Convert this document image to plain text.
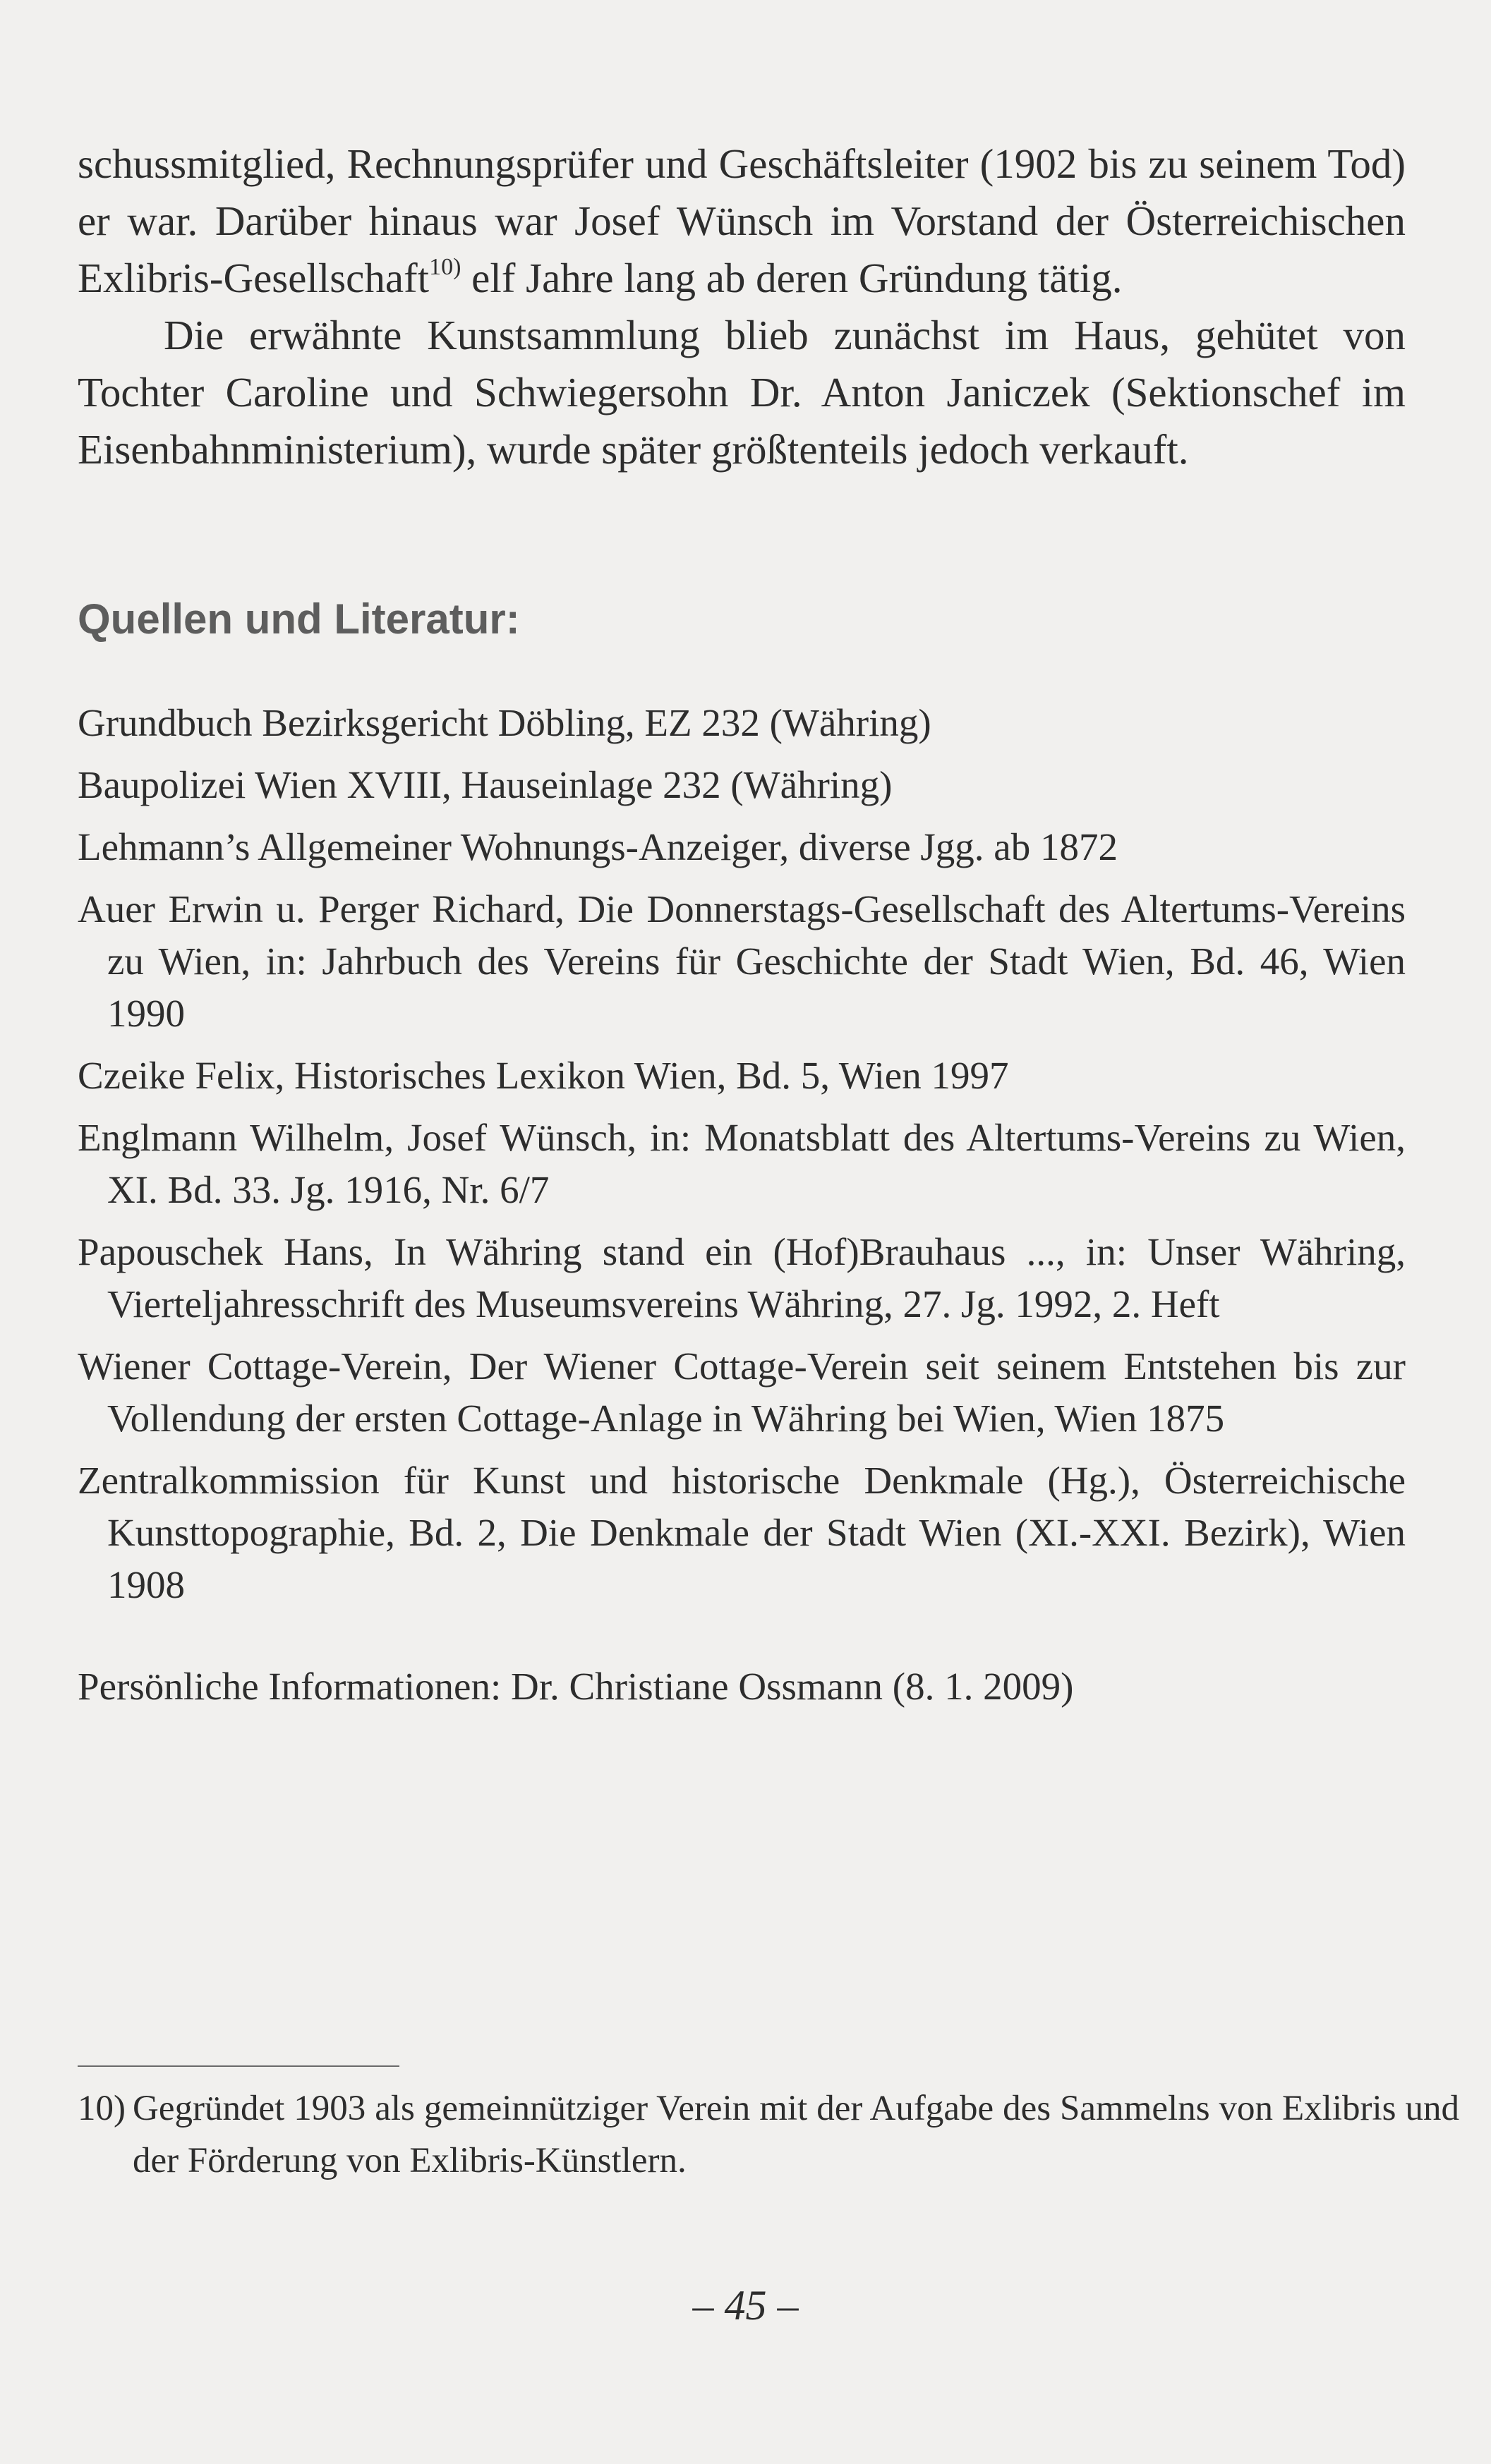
schussmitglied, Rechnungsprüfer und Geschäftsleiter (1902 bis zu seinem Tod) er war. Darüber hinaus war Josef Wünsch im Vorstand der Österreichischen Exlibris-Gesellschaft$^{10)}$ elf Jahre lang ab deren Gründung tätig.

Die erwähnte Kunstsammlung blieb zunächst im Haus, gehütet von Tochter Caroline und Schwiegersohn Dr. Anton Janiczek (Sektionschef im Eisenbahnministerium), wurde später größtenteils jedoch verkauft.

Quellen und Literatur:

Grundbuch Bezirksgericht Döbling, EZ 232 (Währing)

Baupolizei Wien XVIII, Hauseinlage 232 (Währing)

Lehmann’s Allgemeiner Wohnungs-Anzeiger, diverse Jgg. ab 1872

Auer Erwin u. Perger Richard, Die Donnerstags-Gesellschaft des Altertums-Vereins zu Wien, in: Jahrbuch des Vereins für Geschichte der Stadt Wien, Bd. 46, Wien 1990

Czeike Felix, Historisches Lexikon Wien, Bd. 5, Wien 1997

Englmann Wilhelm, Josef Wünsch, in: Monatsblatt des Altertums-Vereins zu Wien, XI. Bd. 33. Jg. 1916, Nr. 6/7

Papouschek Hans, In Währing stand ein (Hof)Brauhaus ..., in: Unser Währing, Vierteljahresschrift des Museumsvereins Währing, 27. Jg. 1992, 2. Heft

Wiener Cottage-Verein, Der Wiener Cottage-Verein seit seinem Entstehen bis zur Vollendung der ersten Cottage-Anlage in Währing bei Wien, Wien 1875

Zentralkommission für Kunst und historische Denkmale (Hg.), Österreichische Kunsttopographie, Bd. 2, Die Denkmale der Stadt Wien (XI.-XXI. Bezirk), Wien 1908

Persönliche Informationen: Dr. Christiane Ossmann (8. 1. 2009)

10) Gegründet 1903 als gemeinnütziger Verein mit der Aufgabe des Sammelns von Exlibris und der Förderung von Exlibris-Künstlern.

– 45 –
